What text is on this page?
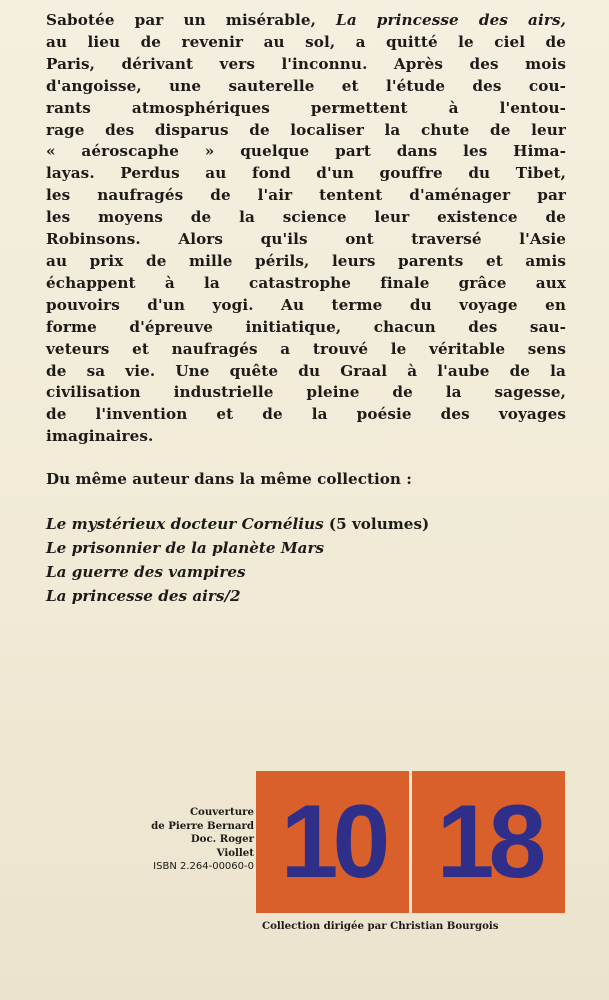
Sabotée par un misérable, La princesse des airs,
au lieu de revenir au sol, a quitté le ciel de
Paris, dérivant vers l'inconnu. Après des mois
d'angoisse, une sauterelle et l'étude des cou-
rants atmosphériques permettent à l'entou-
rage des disparus de localiser la chute de leur
« aéroscaphe » quelque part dans les Hima-
layas. Perdus au fond d'un gouffre du Tibet,
les naufragés de l'air tentent d'aménager par
les moyens de la science leur existence de
Robinsons. Alors qu'ils ont traversé l'Asie
au prix de mille périls, leurs parents et amis
échappent à la catastrophe finale grâce aux
pouvoirs d'un yogi. Au terme du voyage en
forme d'épreuve initiatique, chacun des sau-
veteurs et naufragés a trouvé le véritable sens
de sa vie. Une quête du Graal à l'aube de la
civilisation industrielle pleine de la sagesse,
de l'invention et de la poésie des voyages
imaginaires.
Du même auteur dans la même collection :
Le mystérieux docteur Cornélius (5 volumes)
Le prisonnier de la planète Mars
La guerre des vampires
La princesse des airs/2
Couverture
de Pierre Bernard
Doc. Roger Viollet
ISBN 2.264-00060-0 10 18
Collection dirigée par Christian Bourgois
